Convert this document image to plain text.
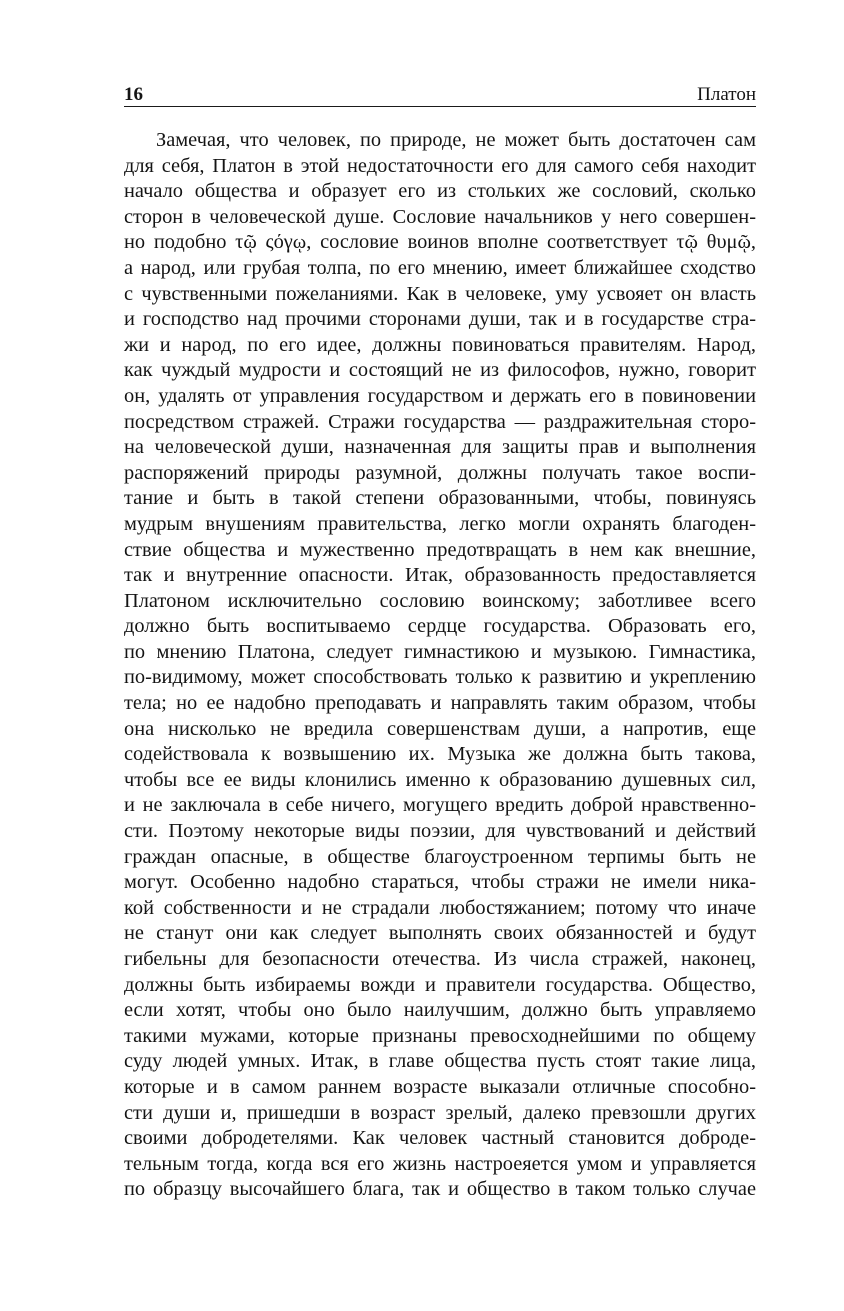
16	Платон
Замечая, что человек, по природе, не может быть достаточен сам
для себя, Платон в этой недостаточности его для самого себя находит
начало общества и образует его из стольких же сословий, сколько
сторон в человеческой душе. Сословие начальников у него совершен-
но подобно τῷ ςόγῳ, сословие воинов вполне соответствует τῷ θυμῷ,
а народ, или грубая толпа, по его мнению, имеет ближайшее сходство
с чувственными пожеланиями. Как в человеке, уму усвояет он власть
и господство над прочими сторонами души, так и в государстве стра-
жи и народ, по его идее, должны повиноваться правителям. Народ,
как чуждый мудрости и состоящий не из философов, нужно, говорит
он, удалять от управления государством и держать его в повиновении
посредством стражей. Стражи государства — раздражительная сторо-
на человеческой души, назначенная для защиты прав и выполнения
распоряжений природы разумной, должны получать такое воспи-
тание и быть в такой степени образованными, чтобы, повинуясь
мудрым внушениям правительства, легко могли охранять благоден-
ствие общества и мужественно предотвращать в нем как внешние,
так и внутренние опасности. Итак, образованность предоставляется
Платоном исключительно сословию воинскому; заботливее всего
должно быть воспитываемо сердце государства. Образовать его,
по мнению Платона, следует гимнастикою и музыкою. Гимнастика,
по-видимому, может способствовать только к развитию и укреплению
тела; но ее надобно преподавать и направлять таким образом, чтобы
она нисколько не вредила совершенствам души, а напротив, еще
содействовала к возвышению их. Музыка же должна быть такова,
чтобы все ее виды клонились именно к образованию душевных сил,
и не заключала в себе ничего, могущего вредить доброй нравственно-
сти. Поэтому некоторые виды поэзии, для чувствований и действий
граждан опасные, в обществе благоустроенном терпимы быть не
могут. Особенно надобно стараться, чтобы стражи не имели ника-
кой собственности и не страдали любостяжанием; потому что иначе
не станут они как следует выполнять своих обязанностей и будут
гибельны для безопасности отечества. Из числа стражей, наконец,
должны быть избираемы вожди и правители государства. Общество,
если хотят, чтобы оно было наилучшим, должно быть управляемо
такими мужами, которые признаны превосходнейшими по общему
суду людей умных. Итак, в главе общества пусть стоят такие лица,
которые и в самом раннем возрасте выказали отличные способно-
сти души и, пришедши в возраст зрелый, далеко превзошли других
своими добродетелями. Как человек частный становится доброде-
тельным тогда, когда вся его жизнь настроеяется умом и управляется
по образцу высочайшего блага, так и общество в таком только случае
